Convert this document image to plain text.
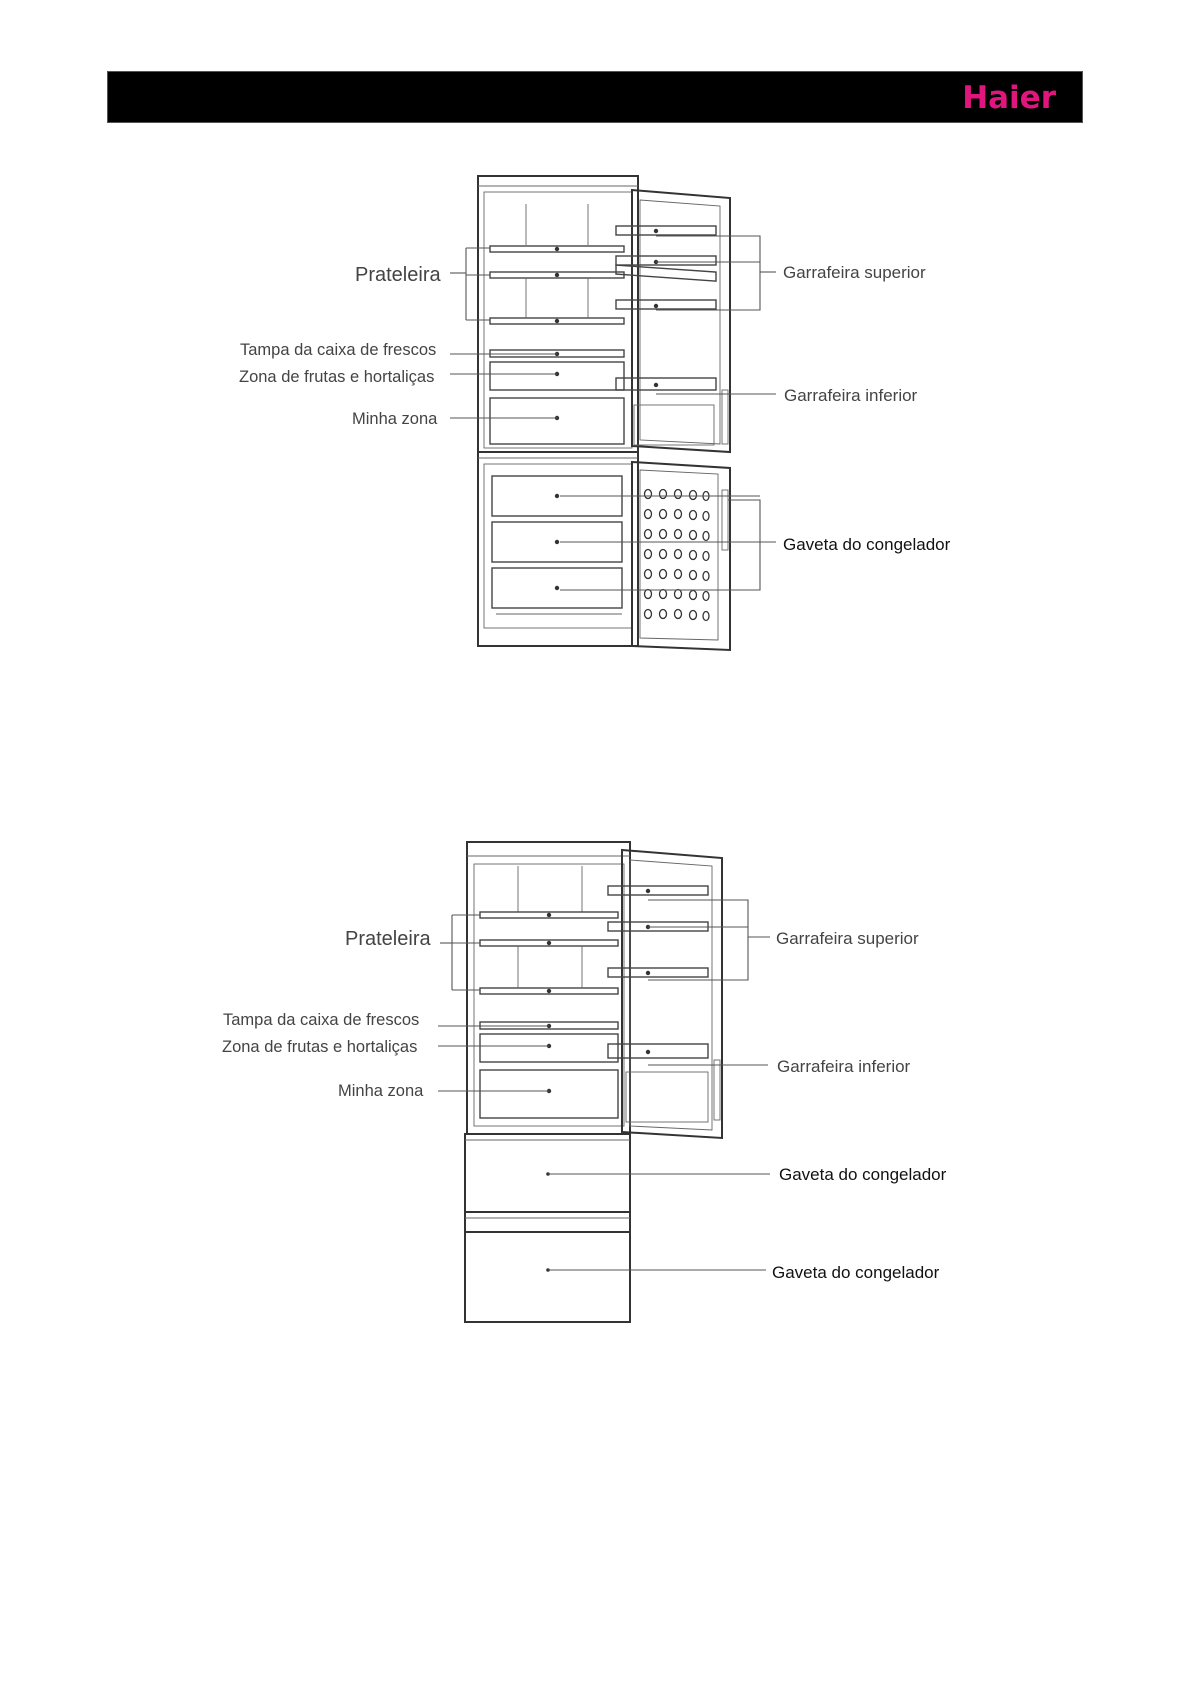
Haier
Prateleira
Tampa da caixa de frescos
Zona de frutas e hortaliças
Minha zona
Garrafeira superior
Garrafeira inferior
Gaveta do congelador
Prateleira
Tampa da caixa de frescos
Zona de frutas e hortaliças
Minha zona
Garrafeira superior
Garrafeira inferior
Gaveta do congelador
Gaveta do congelador
